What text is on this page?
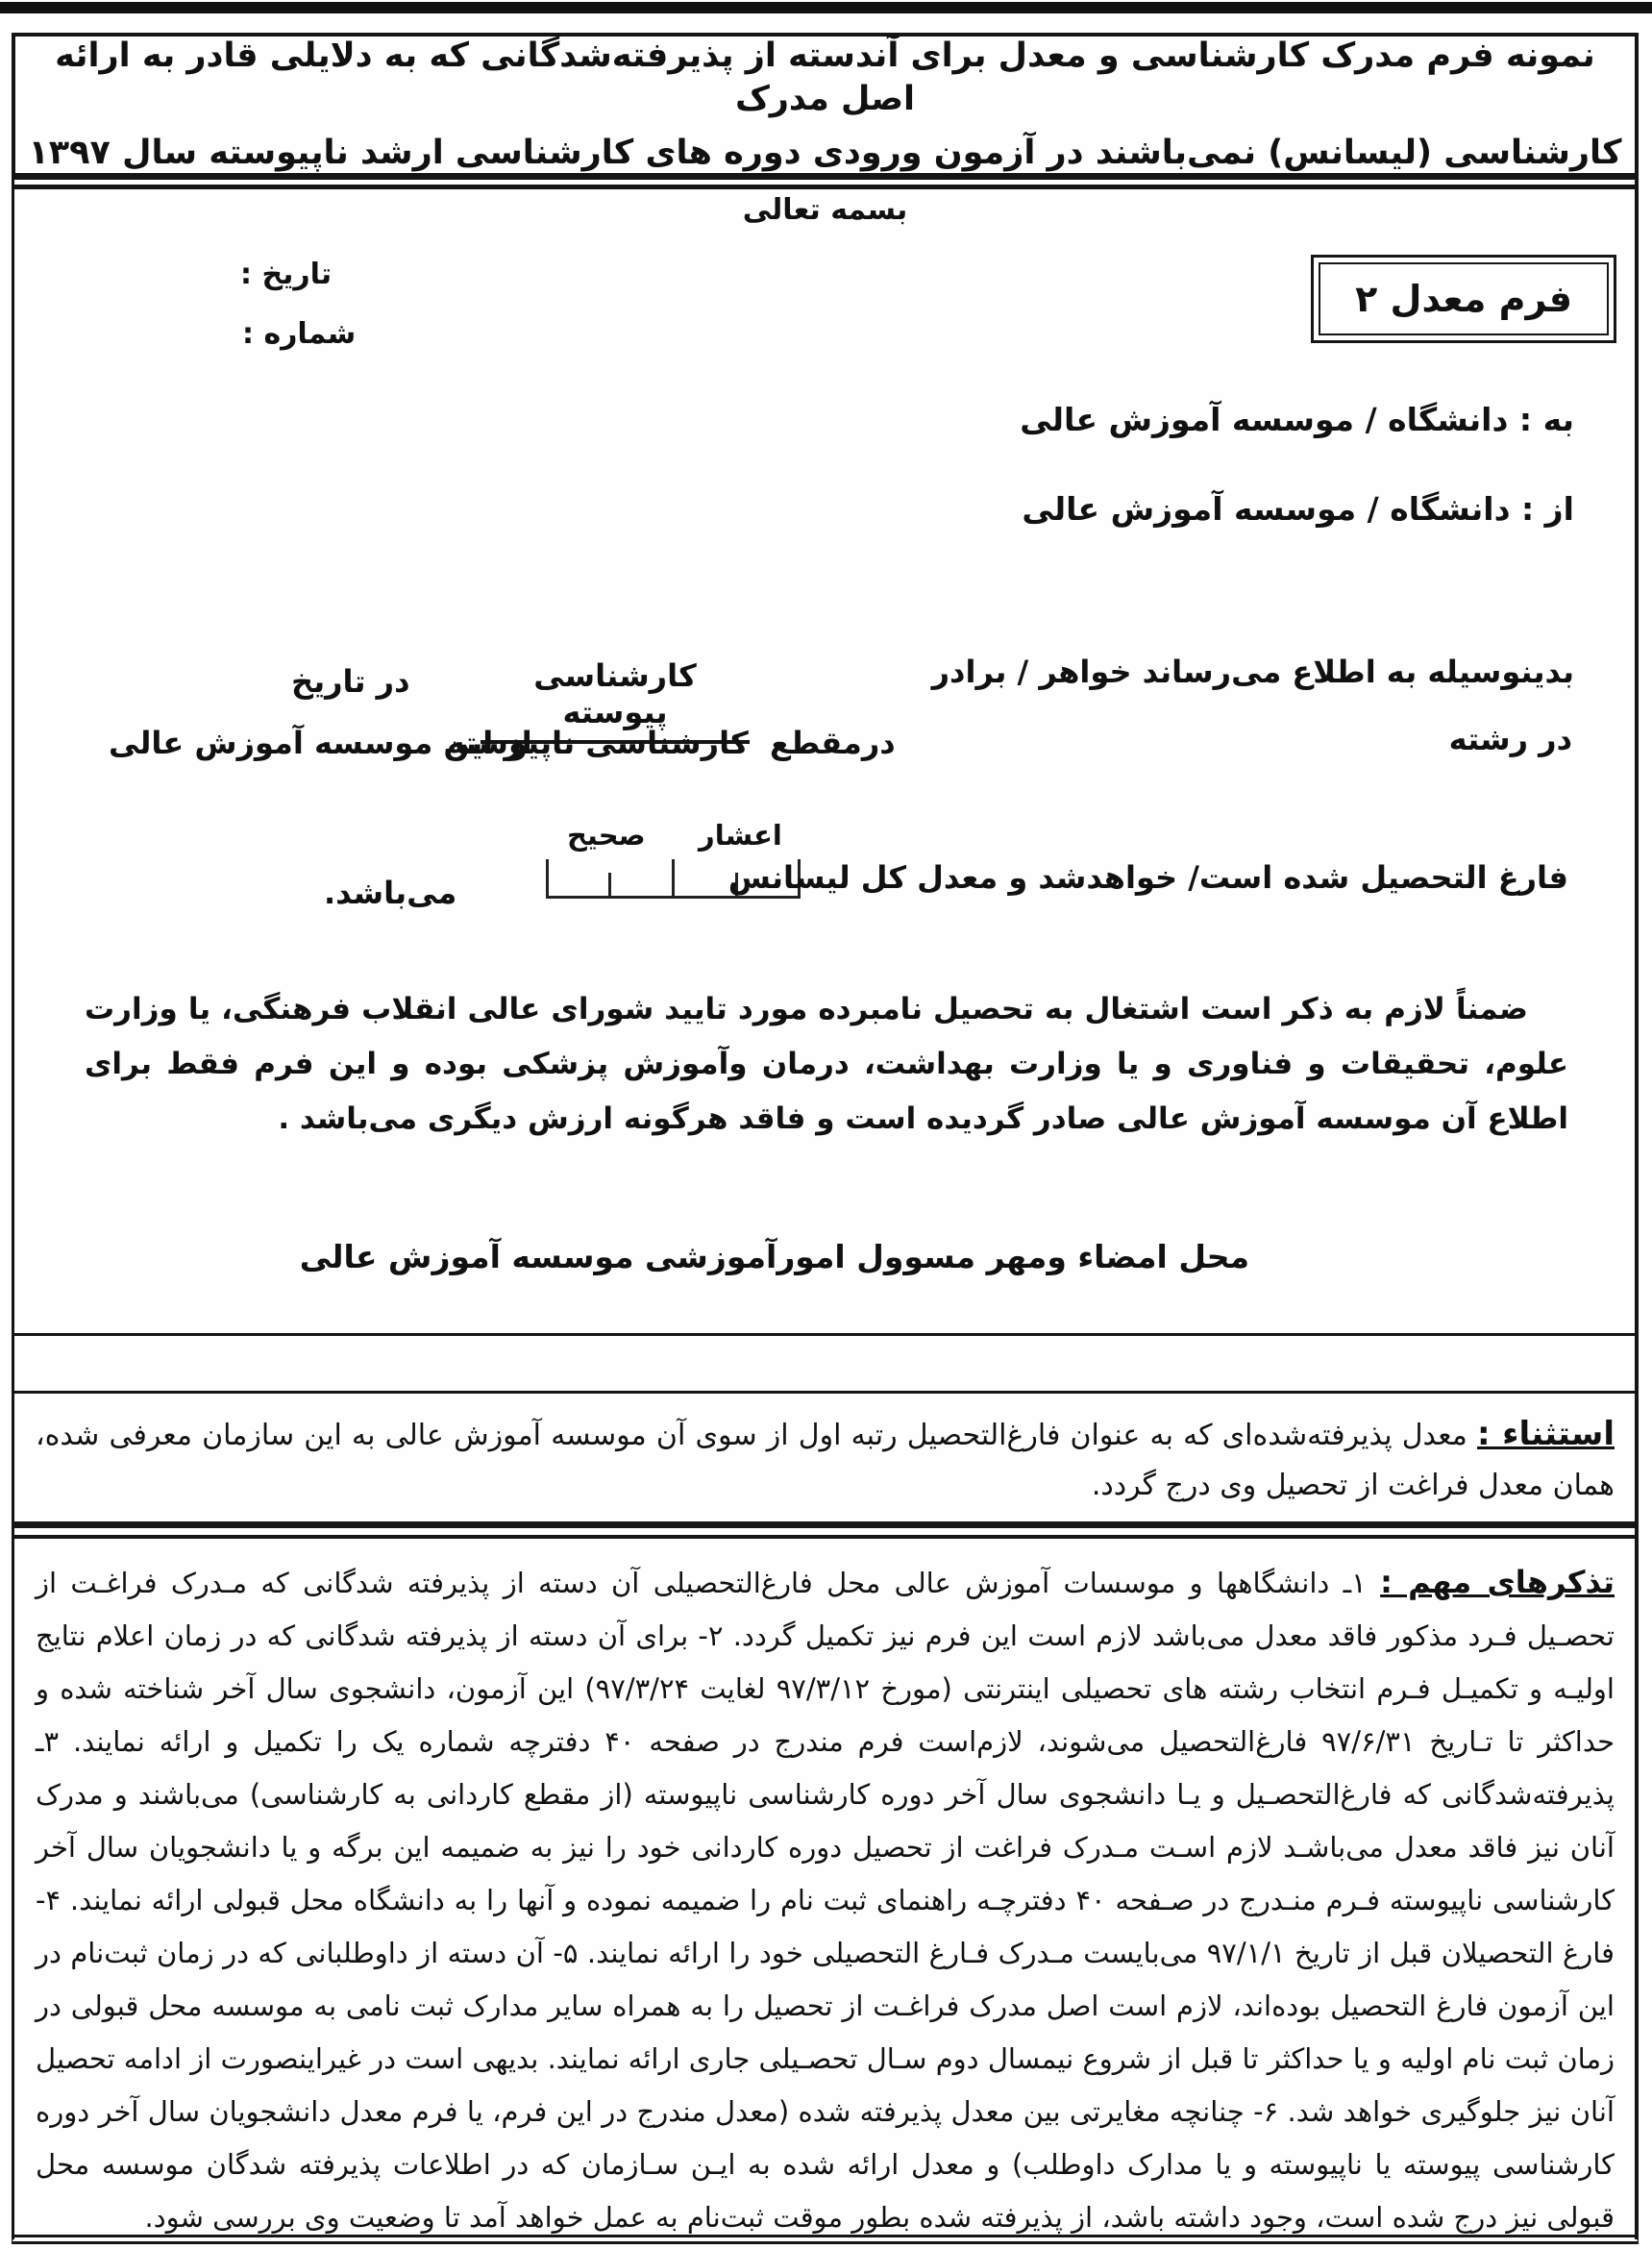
نمونه فرم مدرک کارشناسی و معدل برای آندسته از پذیرفته‌شدگانی که به دلایلی قادر به ارائه اصل مدرک
کارشناسی (لیسانس) نمی‌باشند در آزمون ورودی دوره های کارشناسی ارشد ناپیوسته سال ۱۳۹۷
بسمه تعالی
فرم معدل ۲
تاریخ :
شماره :
به : دانشگاه / موسسه آموزش عالی
از : دانشگاه / موسسه آموزش عالی
بدینوسیله به اطلاع می‌رساند خواهر / برادر
کارشناسی پیوسته
در تاریخ
در رشته
درمقطع  کارشناسی ناپیوسته
از این موسسه آموزش عالی
صحیح اعشار
فارغ التحصیل شده است/ خواهدشد و معدل کل لیسانس
می‌باشد.

ضمناً لازم به ذکر است اشتغال به تحصیل نامبرده مورد تایید شورای عالی انقلاب فرهنگی، یا وزارت علوم، تحقیقات و فناوری و یا وزارت بهداشت، درمان وآموزش پزشکی بوده و این فرم فقط برای اطلاع آن موسسه آموزش عالی صادر گردیده است و فاقد هرگونه ارزش دیگری می‌باشد .

محل امضاء ومهر مسوول امورآموزشی موسسه آموزش عالی

استثناء : معدل پذیرفته‌شده‌ای که به عنوان فارغ‌التحصیل رتبه اول از سوی آن موسسه آموزش عالی به این سازمان معرفی شده، همان معدل فراغت از تحصیل وی درج گردد.

تذکرهای مهم : ۱ـ دانشگاهها و موسسات آموزش عالی محل فارغ‌التحصیلی آن دسته از پذیرفته شدگانی که مـدرک فراغـت از تحصـیل فـرد مذکور فاقد معدل می‌باشد لازم است این فرم نیز تکمیل گردد. ۲- برای آن دسته از پذیرفته شدگانی که در زمان اعلام نتایج اولیـه و تکمیـل فـرم انتخاب رشته های تحصیلی اینترنتی (مورخ ۹۷/۳/۱۲ لغایت ۹۷/۳/۲۴) این آزمون، دانشجوی سال آخر شناخته شده و حداکثر تا تـاریخ ۹۷/۶/۳۱ فارغ‌التحصیل می‌شوند، لازم‌است فرم مندرج در صفحه ۴۰ دفترچه شماره یک را تکمیل و ارائه نمایند. ۳ـ پذیرفته‌شدگانی که فارغ‌التحصـیل و یـا دانشجوی سال آخر دوره کارشناسی ناپیوسته (از مقطع کاردانی به کارشناسی) می‌باشند و مدرک آنان نیز فاقد معدل می‌باشـد لازم اسـت مـدرک فراغت از تحصیل دوره کاردانی خود را نیز به ضمیمه این برگه و یا دانشجویان سال آخر کارشناسی ناپیوسته فـرم منـدرج در صـفحه ۴۰ دفترچـه راهنمای ثبت نام را ضمیمه نموده و آنها را به دانشگاه محل قبولی ارائه نمایند. ۴- فارغ التحصیلان قبل از تاریخ ۹۷/۱/۱ می‌بایست مـدرک فـارغ التحصیلی خود را ارائه نمایند. ۵- آن دسته از داوطلبانی که در زمان ثبت‌نام در این آزمون فارغ التحصیل بوده‌اند، لازم است اصل مدرک فراغـت از تحصیل را به همراه سایر مدارک ثبت نامی به موسسه محل قبولی در زمان ثبت نام اولیه و یا حداکثر تا قبل از شروع نیمسال دوم سـال تحصـیلی جاری ارائه نمایند. بدیهی است در غیراینصورت از ادامه تحصیل آنان نیز جلوگیری خواهد شد. ۶- چنانچه مغایرتی بین معدل پذیرفته شده (معدل مندرج در این فرم، یا فرم معدل دانشجویان سال آخر دوره کارشناسی پیوسته یا ناپیوسته و یا مدارک داوطلب) و معدل ارائه شده به ایـن سـازمان که در اطلاعات پذیرفته شدگان موسسه محل قبولی نیز درج شده است، وجود داشته باشد، از پذیرفته شده بطور موقت ثبت‌نام به عمل خواهد آمد تا وضعیت وی بررسی شود.
